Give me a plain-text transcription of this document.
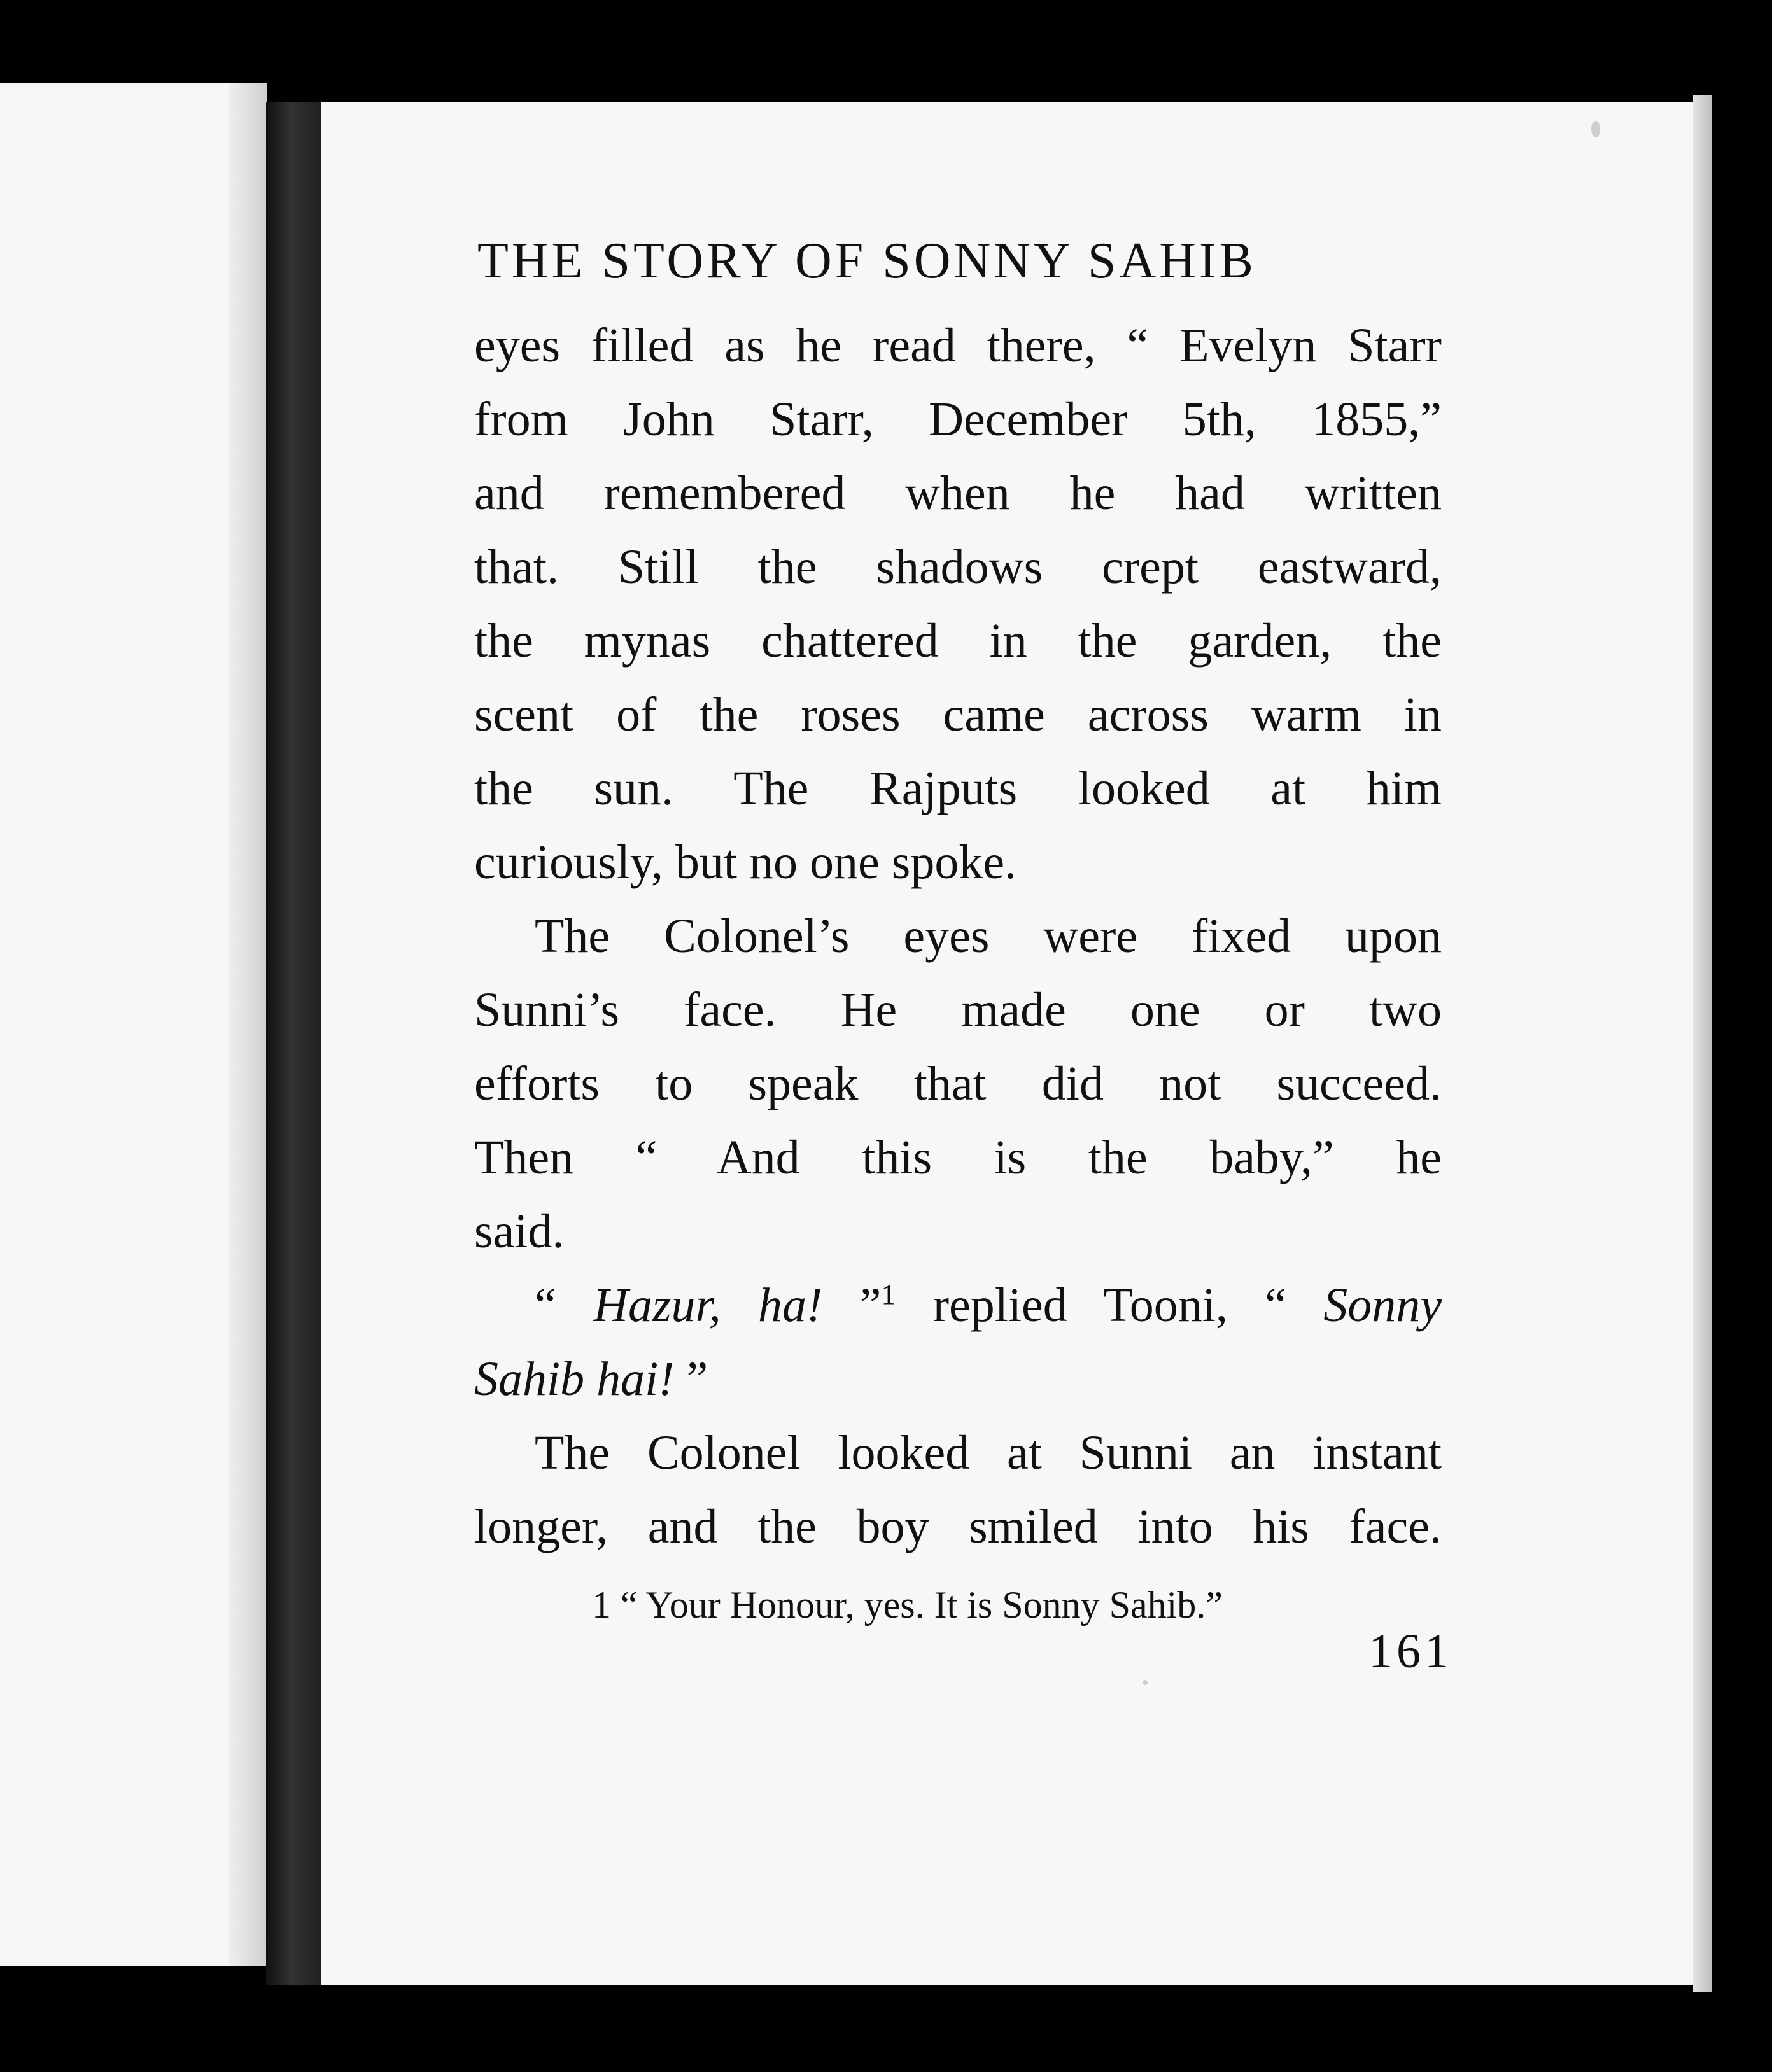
THE STORY OF SONNY SAHIB

eyes filled as he read there, “ Evelyn Starr
from John Starr, December 5th, 1855,”
and remembered when he had written
that. Still the shadows crept eastward,
the mynas chattered in the garden, the
scent of the roses came across warm in
the sun. The Rajputs looked at him
curiously, but no one spoke.

The Colonel’s eyes were fixed upon
Sunni’s face. He made one or two
efforts to speak that did not succeed.
Then “ And this is the baby,” he
said.

“ Hazur, ha! ”$^1$ replied Tooni, “ Sonny
Sahib hai! ”

The Colonel looked at Sunni an instant
longer, and the boy smiled into his face.

1 “ Your Honour, yes. It is Sonny Sahib.”
161
